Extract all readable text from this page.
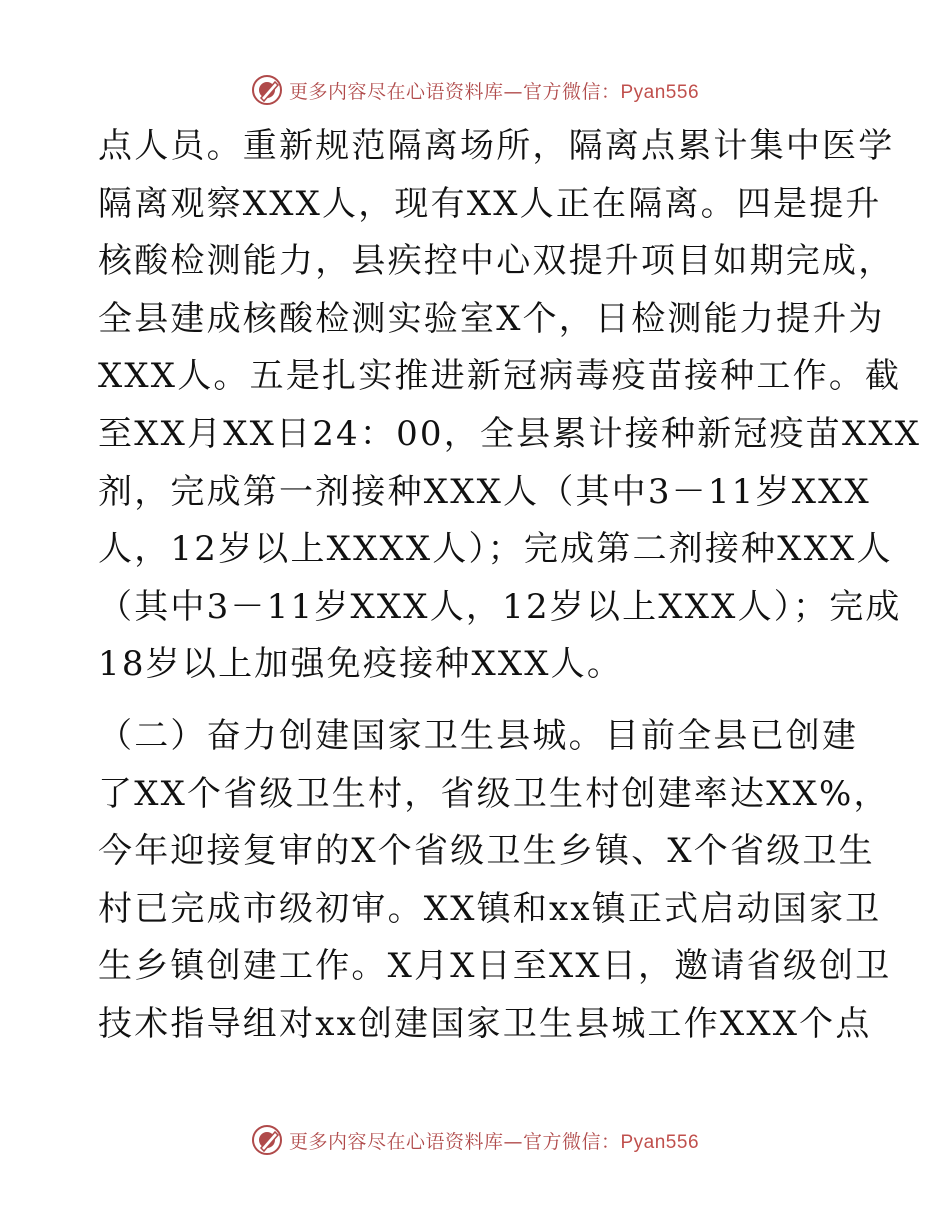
更多内容尽在心语资料库—官方微信：Pyan556
点人员。重新规范隔离场所，隔离点累计集中医学
隔离观察XXX人，现有XX人正在隔离。四是提升
核酸检测能力，县疾控中心双提升项目如期完成，
全县建成核酸检测实验室X个，日检测能力提升为
XXX人。五是扎实推进新冠病毒疫苗接种工作。截
至XX月XX日24：00，全县累计接种新冠疫苗XXX
剂，完成第一剂接种XXX人（其中3－11岁XXX
人，12岁以上XXXX人）；完成第二剂接种XXX人
（其中3－11岁XXX人，12岁以上XXX人）；完成
18岁以上加强免疫接种XXX人。
（二）奋力创建国家卫生县城。目前全县已创建
了XX个省级卫生村，省级卫生村创建率达XX%，
今年迎接复审的X个省级卫生乡镇、X个省级卫生
村已完成市级初审。XX镇和xx镇正式启动国家卫
生乡镇创建工作。X月X日至XX日，邀请省级创卫
技术指导组对xx创建国家卫生县城工作XXX个点
更多内容尽在心语资料库—官方微信：Pyan556
